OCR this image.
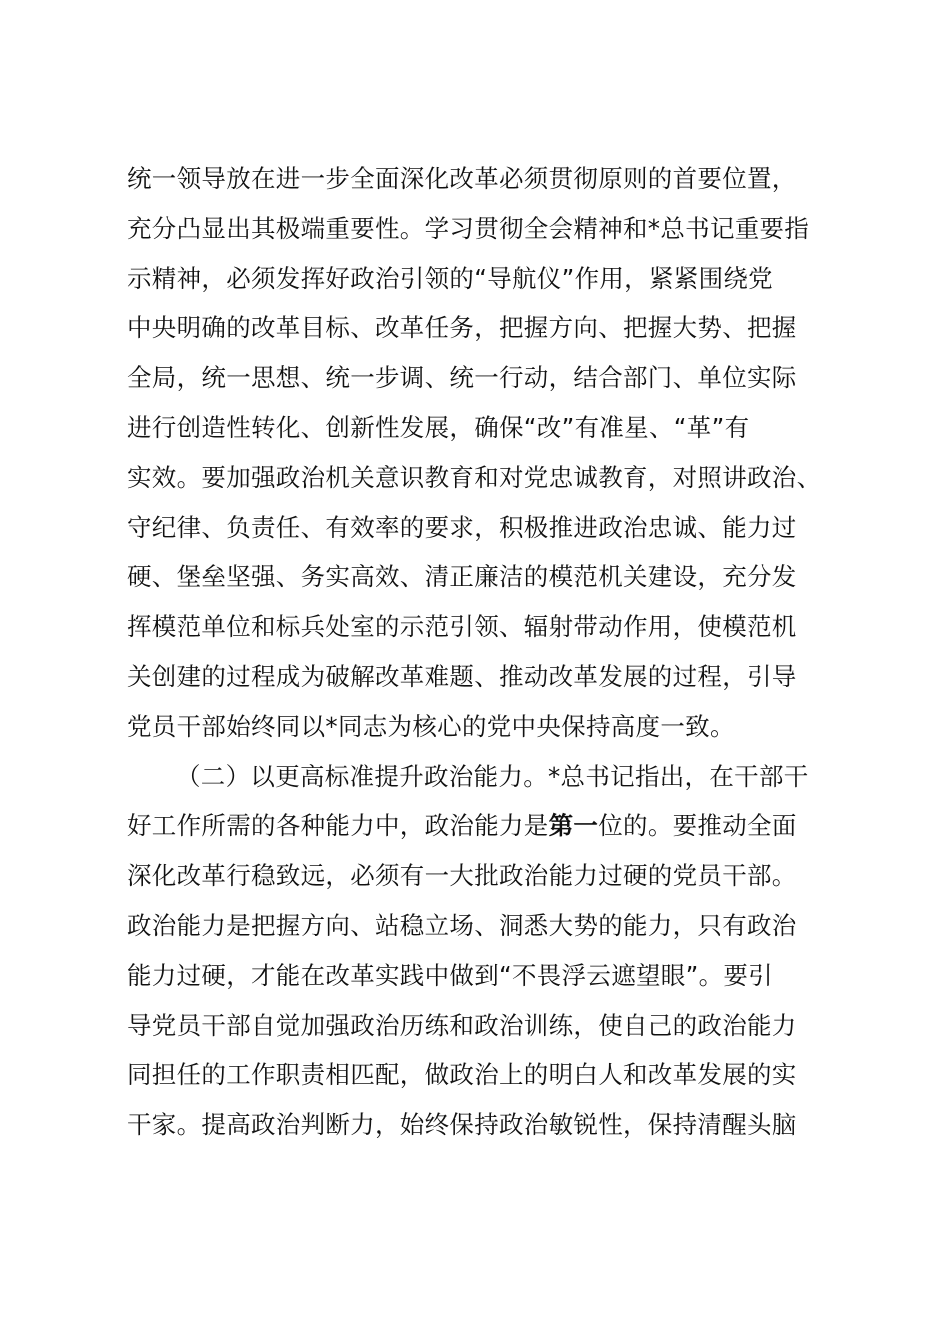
统一领导放在进一步全面深化改革必须贯彻原则的首要位置，
充分凸显出其极端重要性。学习贯彻全会精神和*总书记重要指
示精神，必须发挥好政治引领的“导航仪”作用，紧紧围绕党
中央明确的改革目标、改革任务，把握方向、把握大势、把握
全局，统一思想、统一步调、统一行动，结合部门、单位实际
进行创造性转化、创新性发展，确保“改”有准星、“革”有
实效。要加强政治机关意识教育和对党忠诚教育，对照讲政治、
守纪律、负责任、有效率的要求，积极推进政治忠诚、能力过
硬、堡垒坚强、务实高效、清正廉洁的模范机关建设，充分发
挥模范单位和标兵处室的示范引领、辐射带动作用，使模范机
关创建的过程成为破解改革难题、推动改革发展的过程，引导
党员干部始终同以*同志为核心的党中央保持高度一致。
（二）以更高标准提升政治能力。*总书记指出，在干部干
好工作所需的各种能力中，政治能力是第一位的。要推动全面
深化改革行稳致远，必须有一大批政治能力过硬的党员干部。
政治能力是把握方向、站稳立场、洞悉大势的能力，只有政治
能力过硬，才能在改革实践中做到“不畏浮云遮望眼”。要引
导党员干部自觉加强政治历练和政治训练，使自己的政治能力
同担任的工作职责相匹配，做政治上的明白人和改革发展的实
干家。提高政治判断力，始终保持政治敏锐性，保持清醒头脑
